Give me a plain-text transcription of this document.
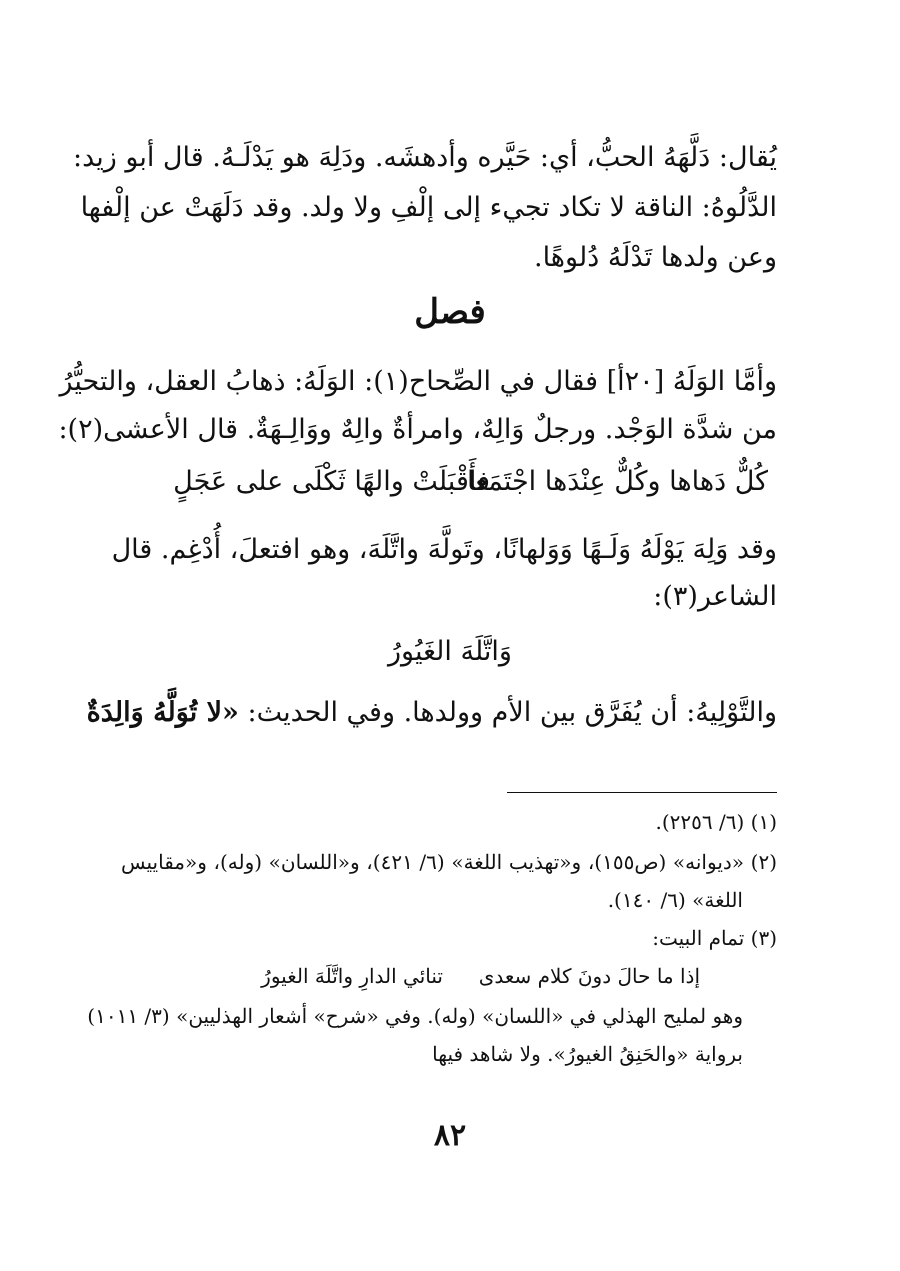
يُقال: دَلَّهَهُ الحبُّ، أي: حَيَّره وأدهشَه. ودَلِهَ هو يَدْلَـهُ. قال أبو زيد:
الدَّلُوهُ: الناقة لا تكاد تجيء إلى إلْفِ ولا ولد. وقد دَلَهَتْ عن إلْفها
وعن ولدها تَدْلَهُ دُلوهًا.
فصل
وأمَّا الوَلَهُ [٢٠أ] فقال في الصِّحاح(١): الوَلَهُ: ذهابُ العقل، والتحيُّرُ
من شدَّة الوَجْد. ورجلٌ وَالِهٌ، وامرأةٌ والِهٌ ووَالِـهَةٌ. قال الأعشى(٢):
فأَقْبَلَتْ والهًا ثَكْلَى على عَجَلٍ
كُلٌّ دَهاها وكُلٌّ عِنْدَها اجْتَمَعا
وقد وَلِهَ يَوْلَهُ وَلَـهًا وَوَلهانًا، وتَولَّهَ واتَّلَهَ، وهو افتعلَ، أُدْغِم. قال
الشاعر(٣):
وَاتَّلَهَ الغَيُورُ
والتَّوْلِيهُ: أن يُفَرَّق بين الأم وولدها. وفي الحديث: «لا تُوَلَّهُ وَالِدَةٌ
(١) (٦/ ٢٢٥٦).
(٢) «ديوانه» (ص١٥٥)، و«تهذيب اللغة» (٦/ ٤٢١)، و«اللسان» (وله)، و«مقاييس
اللغة» (٦/ ١٤٠).
(٣) تمام البيت:
إذا ما حالَ دونَ كلام سعدى
تنائي الدارِ واتَّلَهَ الغيورُ
وهو لمليح الهذلي في «اللسان» (وله). وفي «شرح» أشعار الهذليين» (٣/ ١٠١١)
برواية «والحَنِقُ الغيورُ». ولا شاهد فيها
٨٢
